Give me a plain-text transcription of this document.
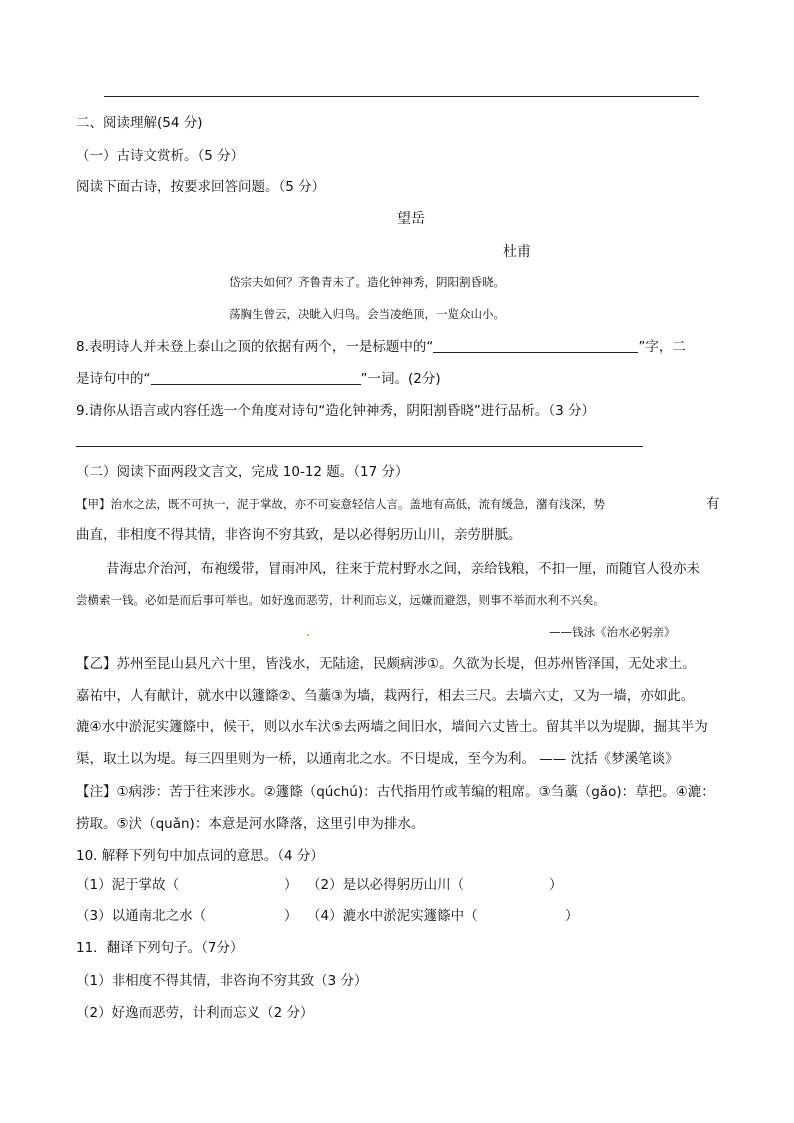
二、阅读理解(54 分)
（一）古诗文赏析。（5 分）
阅读下面古诗，按要求回答问题。（5 分）
望岳
杜甫
岱宗夫如何？齐鲁青未了。造化钟神秀，阴阳割昏晓。
荡胸生曾云，决眦入归鸟。会当凌绝顶，一览众山小。
8.表明诗人并未登上泰山之顶的依据有两个，一是标题中的“	”字，二
是诗句中的“	”一词。(2分)
9.请你从语言或内容任选一个角度对诗句“造化钟神秀，阴阳割昏晓”进行品析。（3 分）
（二）阅读下面两段文言文，完成 10-12 题。（17 分）
【甲】治水之法，既不可执一，泥于掌故，亦不可妄意轻信人言。盖地有高低，流有缓急，潴有浅深，势	有
曲直，非相度不得其情，非咨询不穷其致，是以必得躬历山川，亲劳胼胝。
昔海忠介治河，布袍缓带，冒雨冲风，往来于荒村野水之间，亲给钱粮，不扣一厘，而随官人役亦未
尝横索一钱。必如是而后事可举也。如好逸而恶劳，计利而忘义，远嫌而避怨，则事不举而水利不兴矣。
——钱泳《治水必躬亲》
【乙】苏州至昆山县凡六十里，皆浅水，无陆途，民颇病涉①。久欲为长堤，但苏州皆泽国，无处求土。
嘉祐中，人有献计，就水中以籧篨②、刍藁③为墙，栽两行，相去三尺。去墙六丈，又为一墙，亦如此。
漉④水中淤泥实籧篨中，候干，则以水车汱⑤去两墙之间旧水，墙间六丈皆土。留其半以为堤脚，掘其半为
渠，取土以为堤。每三四里则为一桥，以通南北之水。不日堤成，至今为利。 —— 沈括《梦溪笔谈》
【注】①病涉：苦于往来涉水。②籧篨（qúchú)：古代指用竹或苇编的粗席。③刍藁（gǎo)：草把。④漉：
捞取。⑤汱（quǎn)：本意是河水降落，这里引申为排水。
10. 解释下列句中加点词的意思。（4 分）
（1）泥于掌故（	） （2）是以必得躬历山川（	）
（3）以通南北之水（	） （4）漉水中淤泥实籧篨中（	）
11．翻译下列句子。（7分）
（1）非相度不得其情，非咨询不穷其致（3 分）
（2）好逸而恶劳，计利而忘义（2 分）
